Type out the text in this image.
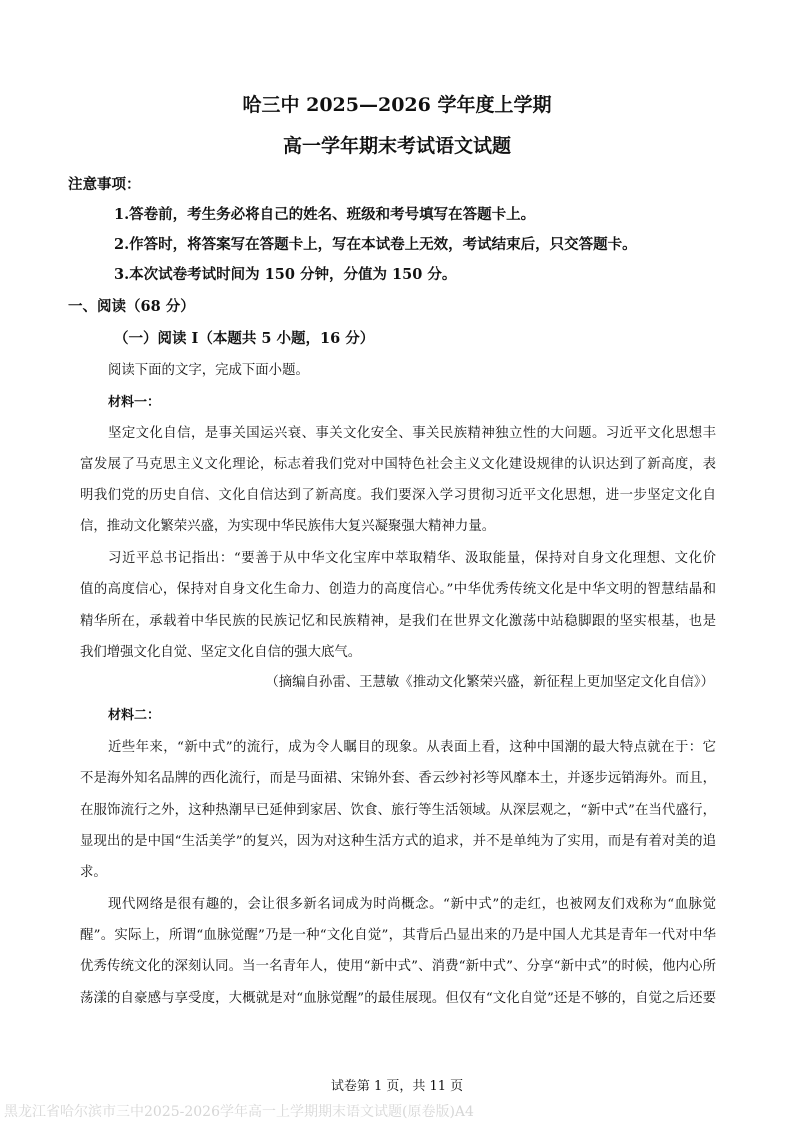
哈三中 2025—2026 学年度上学期
高一学年期末考试语文试题
注意事项：
1.答卷前，考生务必将自己的姓名、班级和考号填写在答题卡上。
2.作答时，将答案写在答题卡上，写在本试卷上无效，考试结束后，只交答题卡。
3.本次试卷考试时间为 150 分钟，分值为 150 分。
一、阅读（68 分）
（一）阅读 I（本题共 5 小题，16 分）
阅读下面的文字，完成下面小题。
材料一：
坚定文化自信，是事关国运兴衰、事关文化安全、事关民族精神独立性的大问题。习近平文化思想丰
富发展了马克思主义文化理论，标志着我们党对中国特色社会主义文化建设规律的认识达到了新高度，表
明我们党的历史自信、文化自信达到了新高度。我们要深入学习贯彻习近平文化思想，进一步坚定文化自
信，推动文化繁荣兴盛，为实现中华民族伟大复兴凝聚强大精神力量。
习近平总书记指出：“要善于从中华文化宝库中萃取精华、汲取能量，保持对自身文化理想、文化价
值的高度信心，保持对自身文化生命力、创造力的高度信心。”中华优秀传统文化是中华文明的智慧结晶和
精华所在，承载着中华民族的民族记忆和民族精神，是我们在世界文化激荡中站稳脚跟的坚实根基，也是
我们增强文化自觉、坚定文化自信的强大底气。
（摘编自孙雷、王慧敏《推动文化繁荣兴盛，新征程上更加坚定文化自信》）
材料二：
近些年来，“新中式”的流行，成为令人瞩目的现象。从表面上看，这种中国潮的最大特点就在于：它
不是海外知名品牌的西化流行，而是马面裙、宋锦外套、香云纱衬衫等风靡本土，并逐步远销海外。而且，
在服饰流行之外，这种热潮早已延伸到家居、饮食、旅行等生活领域。从深层观之，“新中式”在当代盛行，
显现出的是中国“生活美学”的复兴，因为对这种生活方式的追求，并不是单纯为了实用，而是有着对美的追
求。
现代网络是很有趣的，会让很多新名词成为时尚概念。“新中式”的走红，也被网友们戏称为“血脉觉
醒”。实际上，所谓“血脉觉醒”乃是一种“文化自觉”，其背后凸显出来的乃是中国人尤其是青年一代对中华
优秀传统文化的深刻认同。当一名青年人，使用“新中式”、消费“新中式”、分享“新中式”的时候，他内心所
荡漾的自豪感与享受度，大概就是对“血脉觉醒”的最佳展现。但仅有“文化自觉”还是不够的，自觉之后还要
试卷第 1 页，共 11 页
黑龙江省哈尔滨市三中2025-2026学年高一上学期期末语文试题(原卷版)A4
